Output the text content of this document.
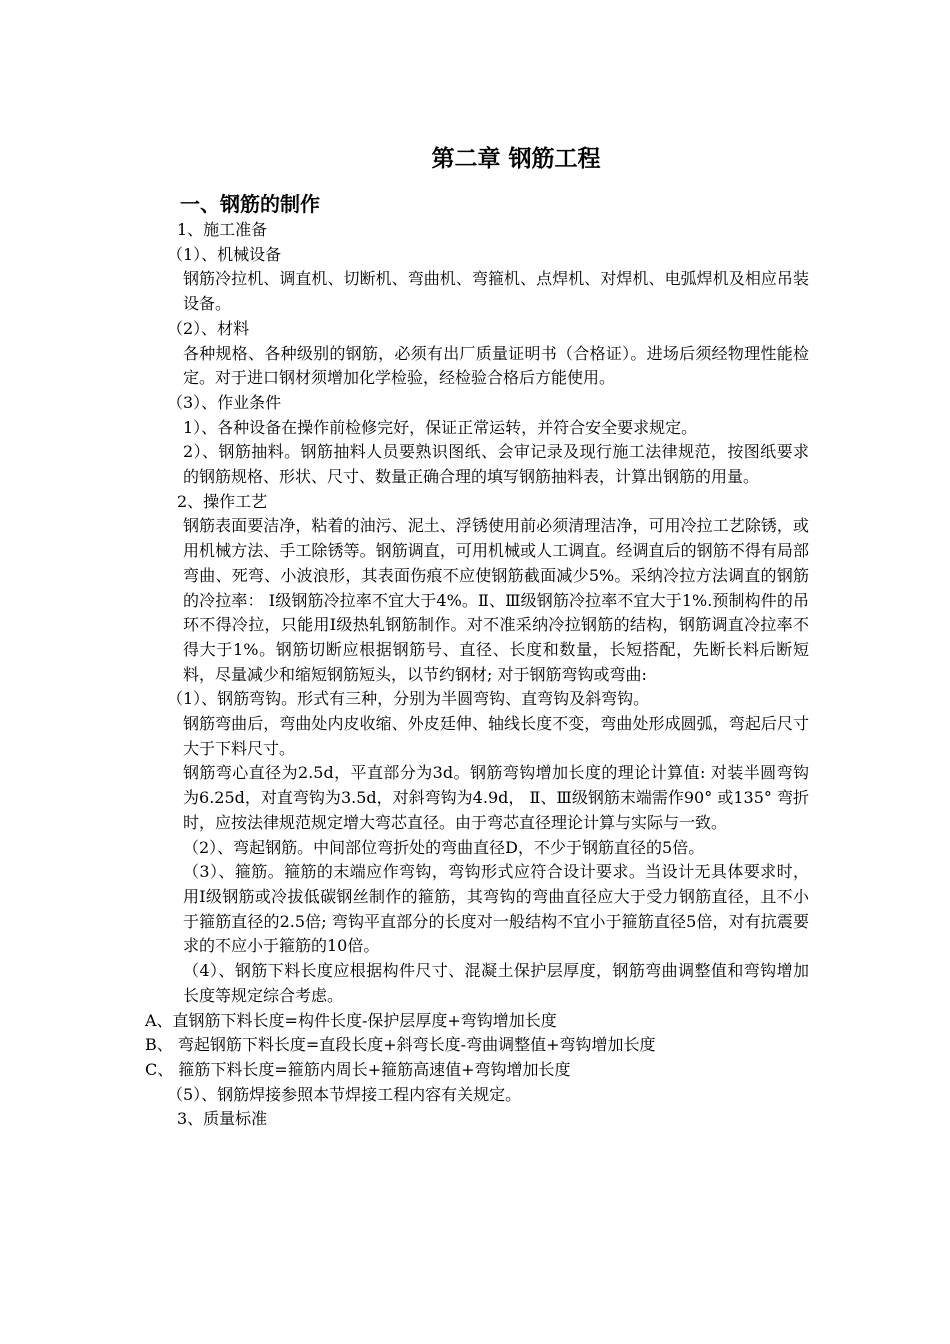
第二章 钢筋工程
一、钢筋的制作

1、施工准备

（1）、机械设备

钢筋冷拉机、调直机、切断机、弯曲机、弯箍机、点焊机、对焊机、电弧焊机及相应吊装设备。

（2）、材料

各种规格、各种级别的钢筋，必须有出厂质量证明书（合格证）。进场后须经物理性能检定。对于进口钢材须增加化学检验，经检验合格后方能使用。

（3）、作业条件

1）、各种设备在操作前检修完好，保证正常运转，并符合安全要求规定。

2）、钢筋抽料。钢筋抽料人员要熟识图纸、会审记录及现行施工法律规范，按图纸要求的钢筋规格、形状、尺寸、数量正确合理的填写钢筋抽料表，计算出钢筋的用量。

2、操作工艺

钢筋表面要洁净，粘着的油污、泥土、浮锈使用前必须清理洁净，可用冷拉工艺除锈，或用机械方法、手工除锈等。钢筋调直，可用机械或人工调直。经调直后的钢筋不得有局部弯曲、死弯、小波浪形，其表面伤痕不应使钢筋截面减少5%。采纳冷拉方法调直的钢筋的冷拉率： Ⅰ级钢筋冷拉率不宜大于4%。Ⅱ、Ⅲ级钢筋冷拉率不宜大于1%.预制构件的吊环不得冷拉，只能用Ⅰ级热轧钢筋制作。对不准采纳冷拉钢筋的结构，钢筋调直冷拉率不得大于1%。钢筋切断应根据钢筋号、直径、长度和数量，长短搭配，先断长料后断短料，尽量减少和缩短钢筋短头，以节约钢材; 对于钢筋弯钩或弯曲:

（1）、钢筋弯钩。形式有三种，分别为半圆弯钩、直弯钩及斜弯钩。

钢筋弯曲后，弯曲处内皮收缩、外皮廷伸、轴线长度不变，弯曲处形成圆弧，弯起后尺寸大于下料尺寸。

钢筋弯心直径为2.5d，平直部分为3d。钢筋弯钩增加长度的理论计算值: 对装半圆弯钩为6.25d，对直弯钩为3.5d，对斜弯钩为4.9d， Ⅱ、Ⅲ级钢筋末端需作90° 或135° 弯折时，应按法律规范规定增大弯芯直径。由于弯芯直径理论计算与实际与一致。

（2）、弯起钢筋。中间部位弯折处的弯曲直径D，不少于钢筋直径的5倍。

（3）、箍筋。箍筋的末端应作弯钩，弯钩形式应符合设计要求。当设计无具体要求时，用Ⅰ级钢筋或冷拔低碳钢丝制作的箍筋，其弯钩的弯曲直径应大于受力钢筋直径，且不小于箍筋直径的2.5倍; 弯钩平直部分的长度对一般结构不宜小于箍筋直径5倍，对有抗震要求的不应小于箍筋的10倍。

（4）、钢筋下料长度应根据构件尺寸、混凝土保护层厚度，钢筋弯曲调整值和弯钩增加长度等规定综合考虑。

A、直钢筋下料长度=构件长度-保护层厚度+弯钩增加长度

B、 弯起钢筋下料长度=直段长度+斜弯长度-弯曲调整值+弯钩增加长度

C、 箍筋下料长度=箍筋内周长+箍筋高速值+弯钩增加长度

（5）、钢筋焊接参照本节焊接工程内容有关规定。

3、质量标准
